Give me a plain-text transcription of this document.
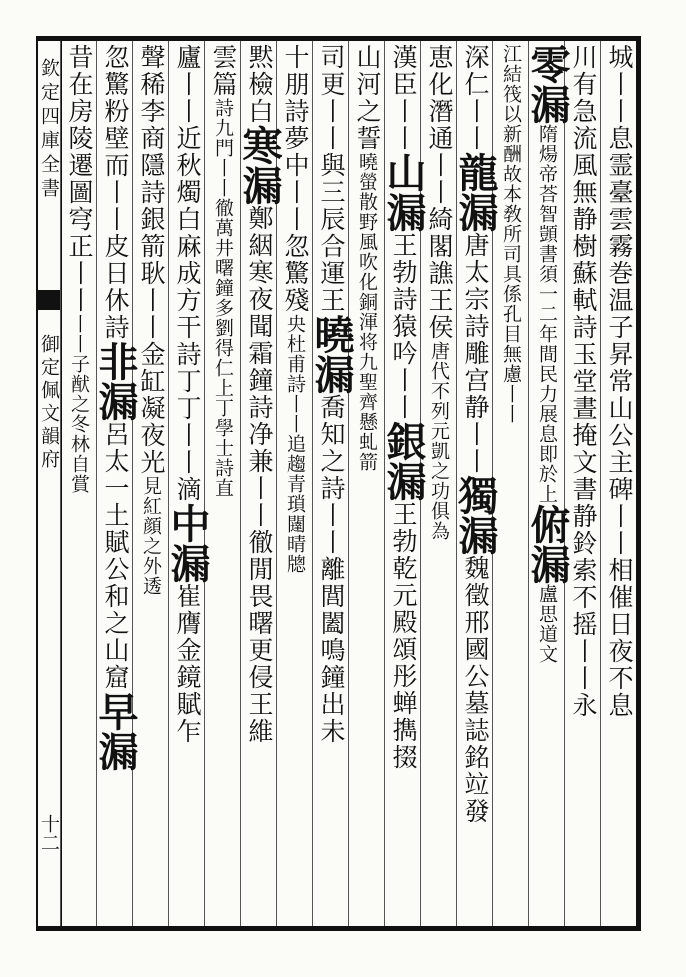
欽定四庫全書
御定佩文韻府
十二
城丨丨息霊臺雲霧巻温子昇常山公主碑丨丨相催日夜不息
川有急流風無静樹蘇軾詩玉堂晝掩文書静鈴索不摇丨丨永
零漏隋煬帝荅智顗書須一二年間民力展息即於上俯漏盧思道文
江結筏以新酬故本敎所司具係孔目無慮丨丨
深仁丨丨龍漏唐太宗詩雕宫静丨丨獨漏魏徵邢國公墓誌銘竝發
恵化潛通丨丨綺閣譙王侯唐代不列元凱之功俱為
漢臣丨丨山漏王勃詩猿吟丨丨銀漏王勃乾元殿頌彤蝉擕掇
山河之誓曉螢散野風吹化銅渾将九聖齊懸虬箭
司更丨丨與三辰合運王曉漏喬知之詩丨丨離閭闔鳴鐘出未
十朋詩夢中丨丨忽驚殘央杜甫詩丨丨追趨青瑣闥晴牕
黙檢白寒漏鄭絪寒夜聞霜鐘詩净兼丨丨徹閒畏曙更侵王維
雲篇詩九門丨丨徹萬井曙鐘多劉得仁上丁學士詩直
廬丨丨近秋燭白麻成方干詩丁丁丨丨滴中漏崔膺金鏡賦乍
聲稀李商隱詩銀箭耿丨丨金缸凝夜光見紅顔之外透
忽驚粉壁而丨丨皮日休詩非漏呂太一土賦公和之山窟早漏
昔在房陵遷圖穹正丨丨丨丨子猷之冬林自賞
